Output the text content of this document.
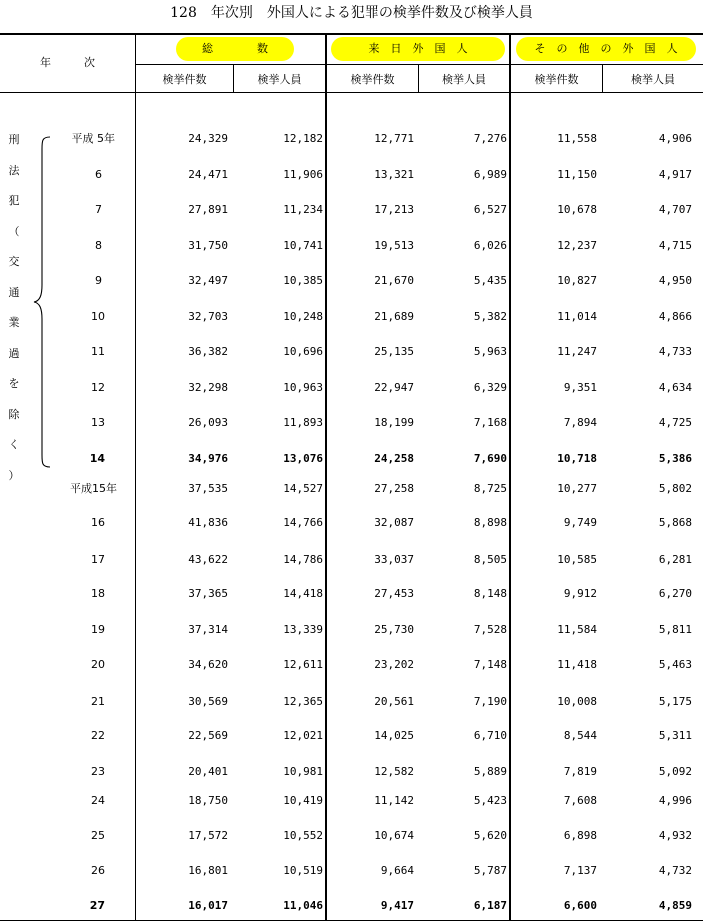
128　年次別　外国人による犯罪の検挙件数及び検挙人員
年　　　次
総　　　　数	来　日　外　国　人	そ　の　他　の　外　国　人
検挙件数	検挙人員	検挙件数	検挙人員	検挙件数	検挙人員
刑
法
犯
（
交
通
業
過
を
除
く
）
平成 5年	24,329	12,182	12,771	7,276	11,558	4,906
6	24,471	11,906	13,321	6,989	11,150	4,917
7	27,891	11,234	17,213	6,527	10,678	4,707
8	31,750	10,741	19,513	6,026	12,237	4,715
9	32,497	10,385	21,670	5,435	10,827	4,950
10	32,703	10,248	21,689	5,382	11,014	4,866
11	36,382	10,696	25,135	5,963	11,247	4,733
12	32,298	10,963	22,947	6,329	9,351	4,634
13	26,093	11,893	18,199	7,168	7,894	4,725
14	34,976	13,076	24,258	7,690	10,718	5,386
平成15年	37,535	14,527	27,258	8,725	10,277	5,802
16	41,836	14,766	32,087	8,898	9,749	5,868
17	43,622	14,786	33,037	8,505	10,585	6,281
18	37,365	14,418	27,453	8,148	9,912	6,270
19	37,314	13,339	25,730	7,528	11,584	5,811
20	34,620	12,611	23,202	7,148	11,418	5,463
21	30,569	12,365	20,561	7,190	10,008	5,175
22	22,569	12,021	14,025	6,710	8,544	5,311
23	20,401	10,981	12,582	5,889	7,819	5,092
24	18,750	10,419	11,142	5,423	7,608	4,996
25	17,572	10,552	10,674	5,620	6,898	4,932
26	16,801	10,519	9,664	5,787	7,137	4,732
27	16,017	11,046	9,417	6,187	6,600	4,859
